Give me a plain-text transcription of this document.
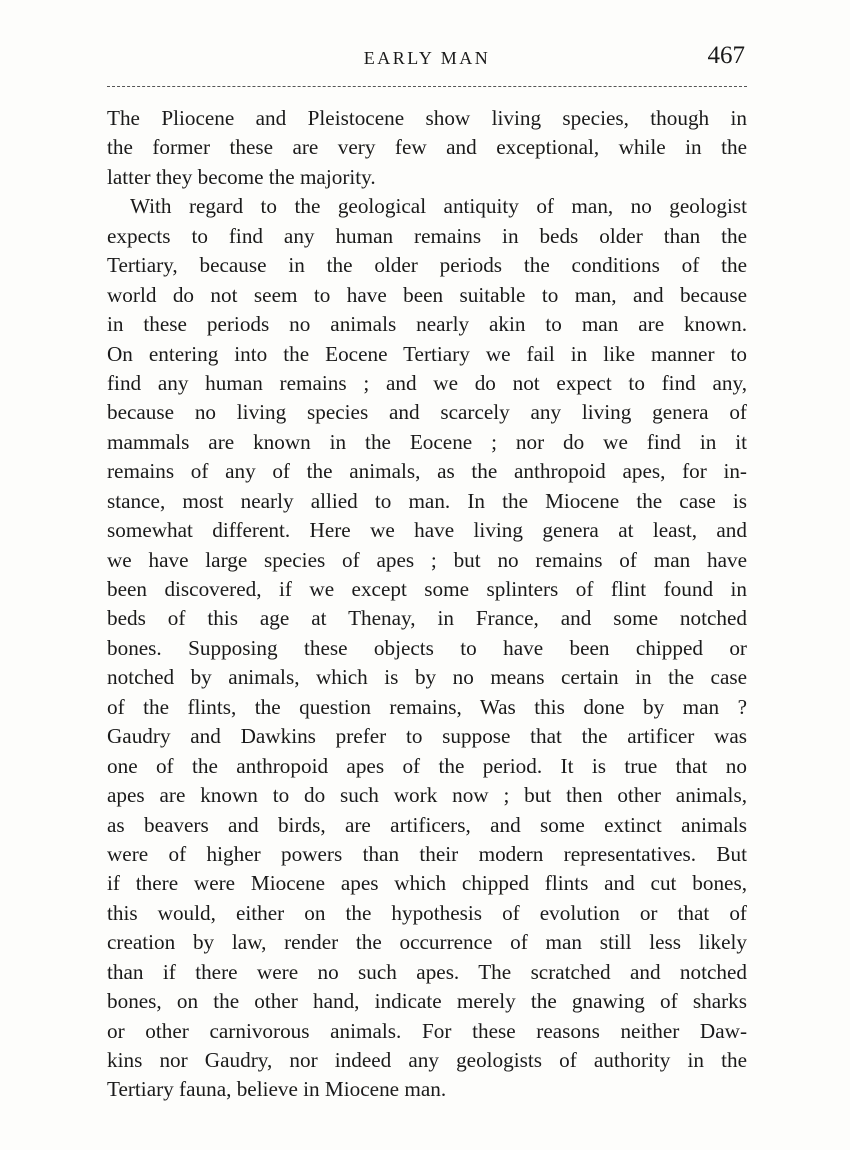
EARLY MAN	467
The Pliocene and Pleistocene show living species, though in
the former these are very few and exceptional, while in the
latter they become the majority.
With regard to the geological antiquity of man, no geologist
expects to find any human remains in beds older than the
Tertiary, because in the older periods the conditions of the
world do not seem to have been suitable to man, and because
in these periods no animals nearly akin to man are known.
On entering into the Eocene Tertiary we fail in like manner to
find any human remains ; and we do not expect to find any,
because no living species and scarcely any living genera of
mammals are known in the Eocene ; nor do we find in it
remains of any of the animals, as the anthropoid apes, for in-
stance, most nearly allied to man. In the Miocene the case is
somewhat different. Here we have living genera at least, and
we have large species of apes ; but no remains of man have
been discovered, if we except some splinters of flint found in
beds of this age at Thenay, in France, and some notched
bones. Supposing these objects to have been chipped or
notched by animals, which is by no means certain in the case
of the flints, the question remains, Was this done by man ?
Gaudry and Dawkins prefer to suppose that the artificer was
one of the anthropoid apes of the period. It is true that no
apes are known to do such work now ; but then other animals,
as beavers and birds, are artificers, and some extinct animals
were of higher powers than their modern representatives. But
if there were Miocene apes which chipped flints and cut bones,
this would, either on the hypothesis of evolution or that of
creation by law, render the occurrence of man still less likely
than if there were no such apes. The scratched and notched
bones, on the other hand, indicate merely the gnawing of sharks
or other carnivorous animals. For these reasons neither Daw-
kins nor Gaudry, nor indeed any geologists of authority in the
Tertiary fauna, believe in Miocene man.
